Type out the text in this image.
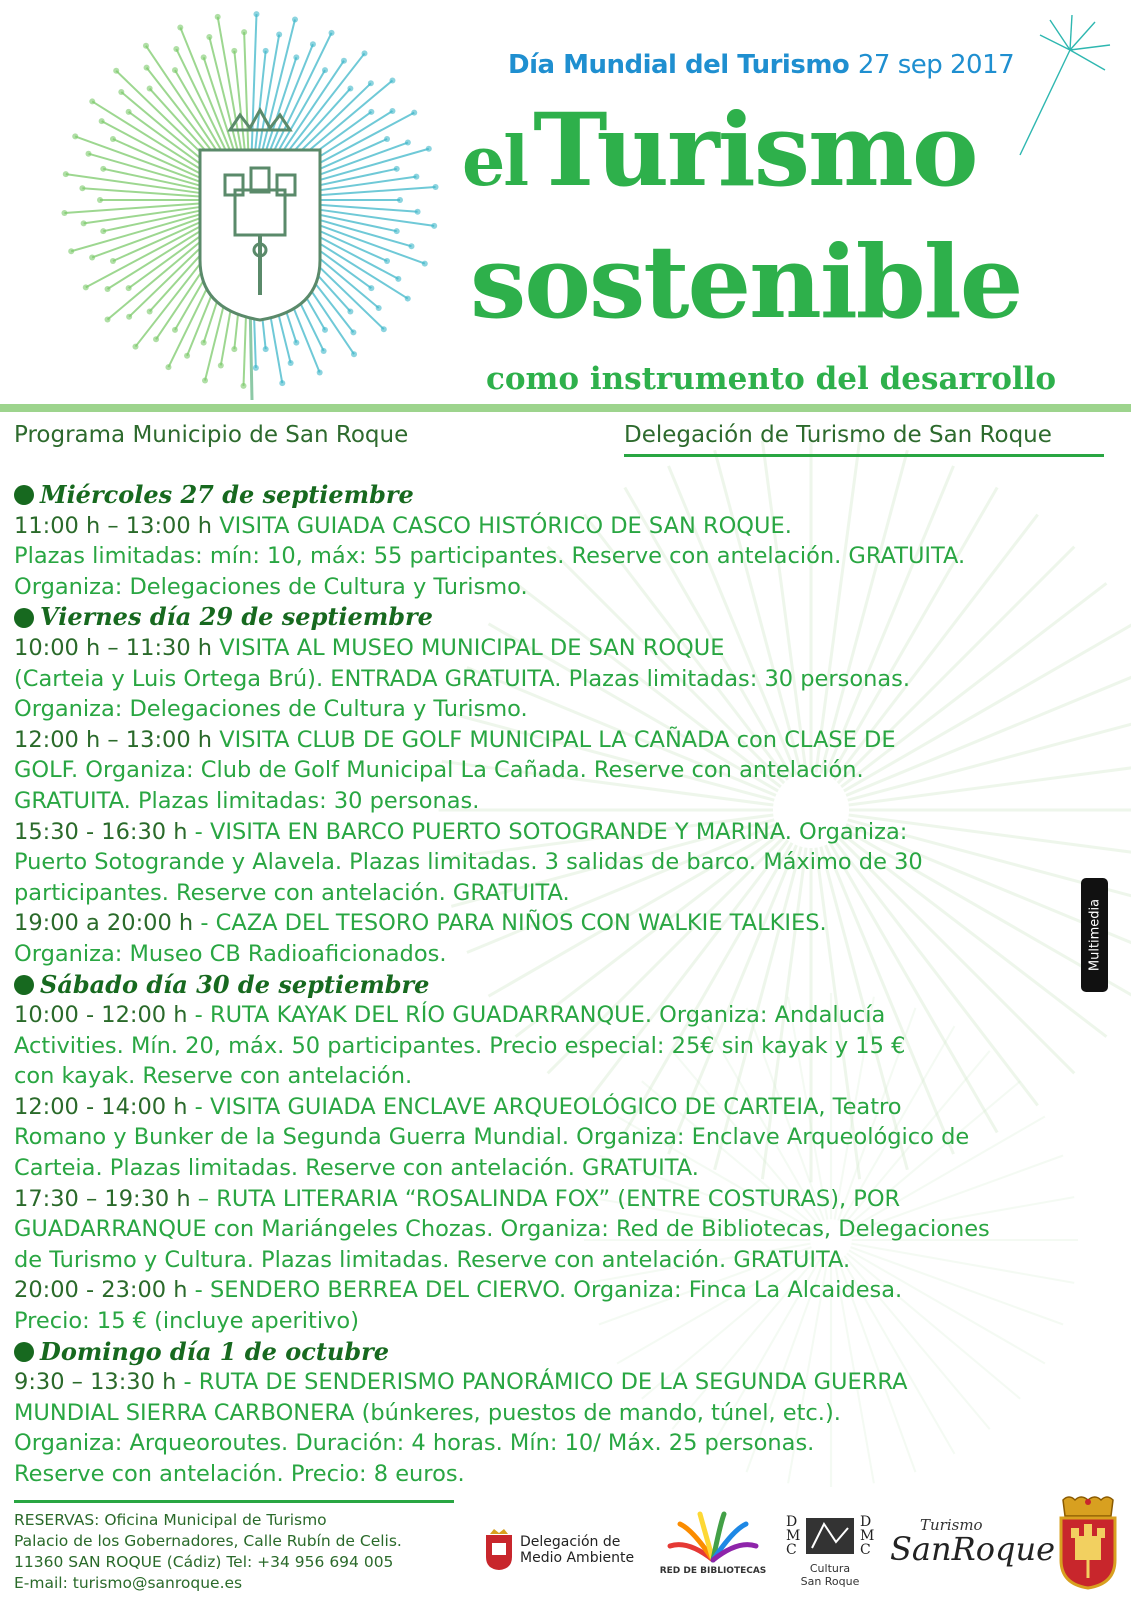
Día Mundial del Turismo 27 sep 2017
elTurismo
sostenible
como instrumento del desarrollo
Programa Municipio de San Roque	Delegación de Turismo de San Roque
Miércoles 27 de septiembre
11:00 h – 13:00 h VISITA GUIADA CASCO HISTÓRICO DE SAN ROQUE.
Plazas limitadas: mín: 10, máx: 55 participantes. Reserve con antelación. GRATUITA.
Organiza: Delegaciones de Cultura y Turismo.
Viernes día 29 de septiembre
10:00 h – 11:30 h VISITA AL MUSEO MUNICIPAL DE SAN ROQUE
(Carteia y Luis Ortega Brú). ENTRADA GRATUITA. Plazas limitadas: 30 personas.
Organiza: Delegaciones de Cultura y Turismo.
12:00 h – 13:00 h VISITA CLUB DE GOLF MUNICIPAL LA CAÑADA con CLASE DE
GOLF. Organiza: Club de Golf Municipal La Cañada. Reserve con antelación.
GRATUITA. Plazas limitadas: 30 personas.
15:30 - 16:30 h - VISITA EN BARCO PUERTO SOTOGRANDE Y MARINA. Organiza:
Puerto Sotogrande y Alavela. Plazas limitadas. 3 salidas de barco. Máximo de 30
participantes. Reserve con antelación. GRATUITA.
19:00 a 20:00 h - CAZA DEL TESORO PARA NIÑOS CON WALKIE TALKIES.
Organiza: Museo CB Radioaficionados.
Sábado día 30 de septiembre
10:00 - 12:00 h - RUTA KAYAK DEL RÍO GUADARRANQUE. Organiza: Andalucía
Activities. Mín. 20, máx. 50 participantes. Precio especial: 25€ sin kayak y 15 €
con kayak. Reserve con antelación.
12:00 - 14:00 h - VISITA GUIADA ENCLAVE ARQUEOLÓGICO DE CARTEIA, Teatro
Romano y Bunker de la Segunda Guerra Mundial. Organiza: Enclave Arqueológico de
Carteia. Plazas limitadas. Reserve con antelación. GRATUITA.
17:30 – 19:30 h – RUTA LITERARIA “ROSALINDA FOX” (ENTRE COSTURAS), POR
GUADARRANQUE con Mariángeles Chozas. Organiza: Red de Bibliotecas, Delegaciones
de Turismo y Cultura. Plazas limitadas. Reserve con antelación. GRATUITA.
20:00 - 23:00 h - SENDERO BERREA DEL CIERVO. Organiza: Finca La Alcaidesa.
Precio: 15 € (incluye aperitivo)
Domingo día 1 de octubre
9:30 – 13:30 h - RUTA DE SENDERISMO PANORÁMICO DE LA SEGUNDA GUERRA
MUNDIAL SIERRA CARBONERA (búnkeres, puestos de mando, túnel, etc.).
Organiza: Arqueoroutes. Duración: 4 horas. Mín: 10/ Máx. 25 personas.
Reserve con antelación. Precio: 8 euros.
Multimedia
RESERVAS: Oficina Municipal de Turismo
Palacio de los Gobernadores, Calle Rubín de Celis.
11360 SAN ROQUE (Cádiz) Tel: +34 956 694 005
E-mail: turismo@sanroque.es
Delegación de
Medio Ambiente
RED DE BIBLIOTECAS
D	D
M	M
C	C
Cultura
San Roque
Turismo
SanRoque
